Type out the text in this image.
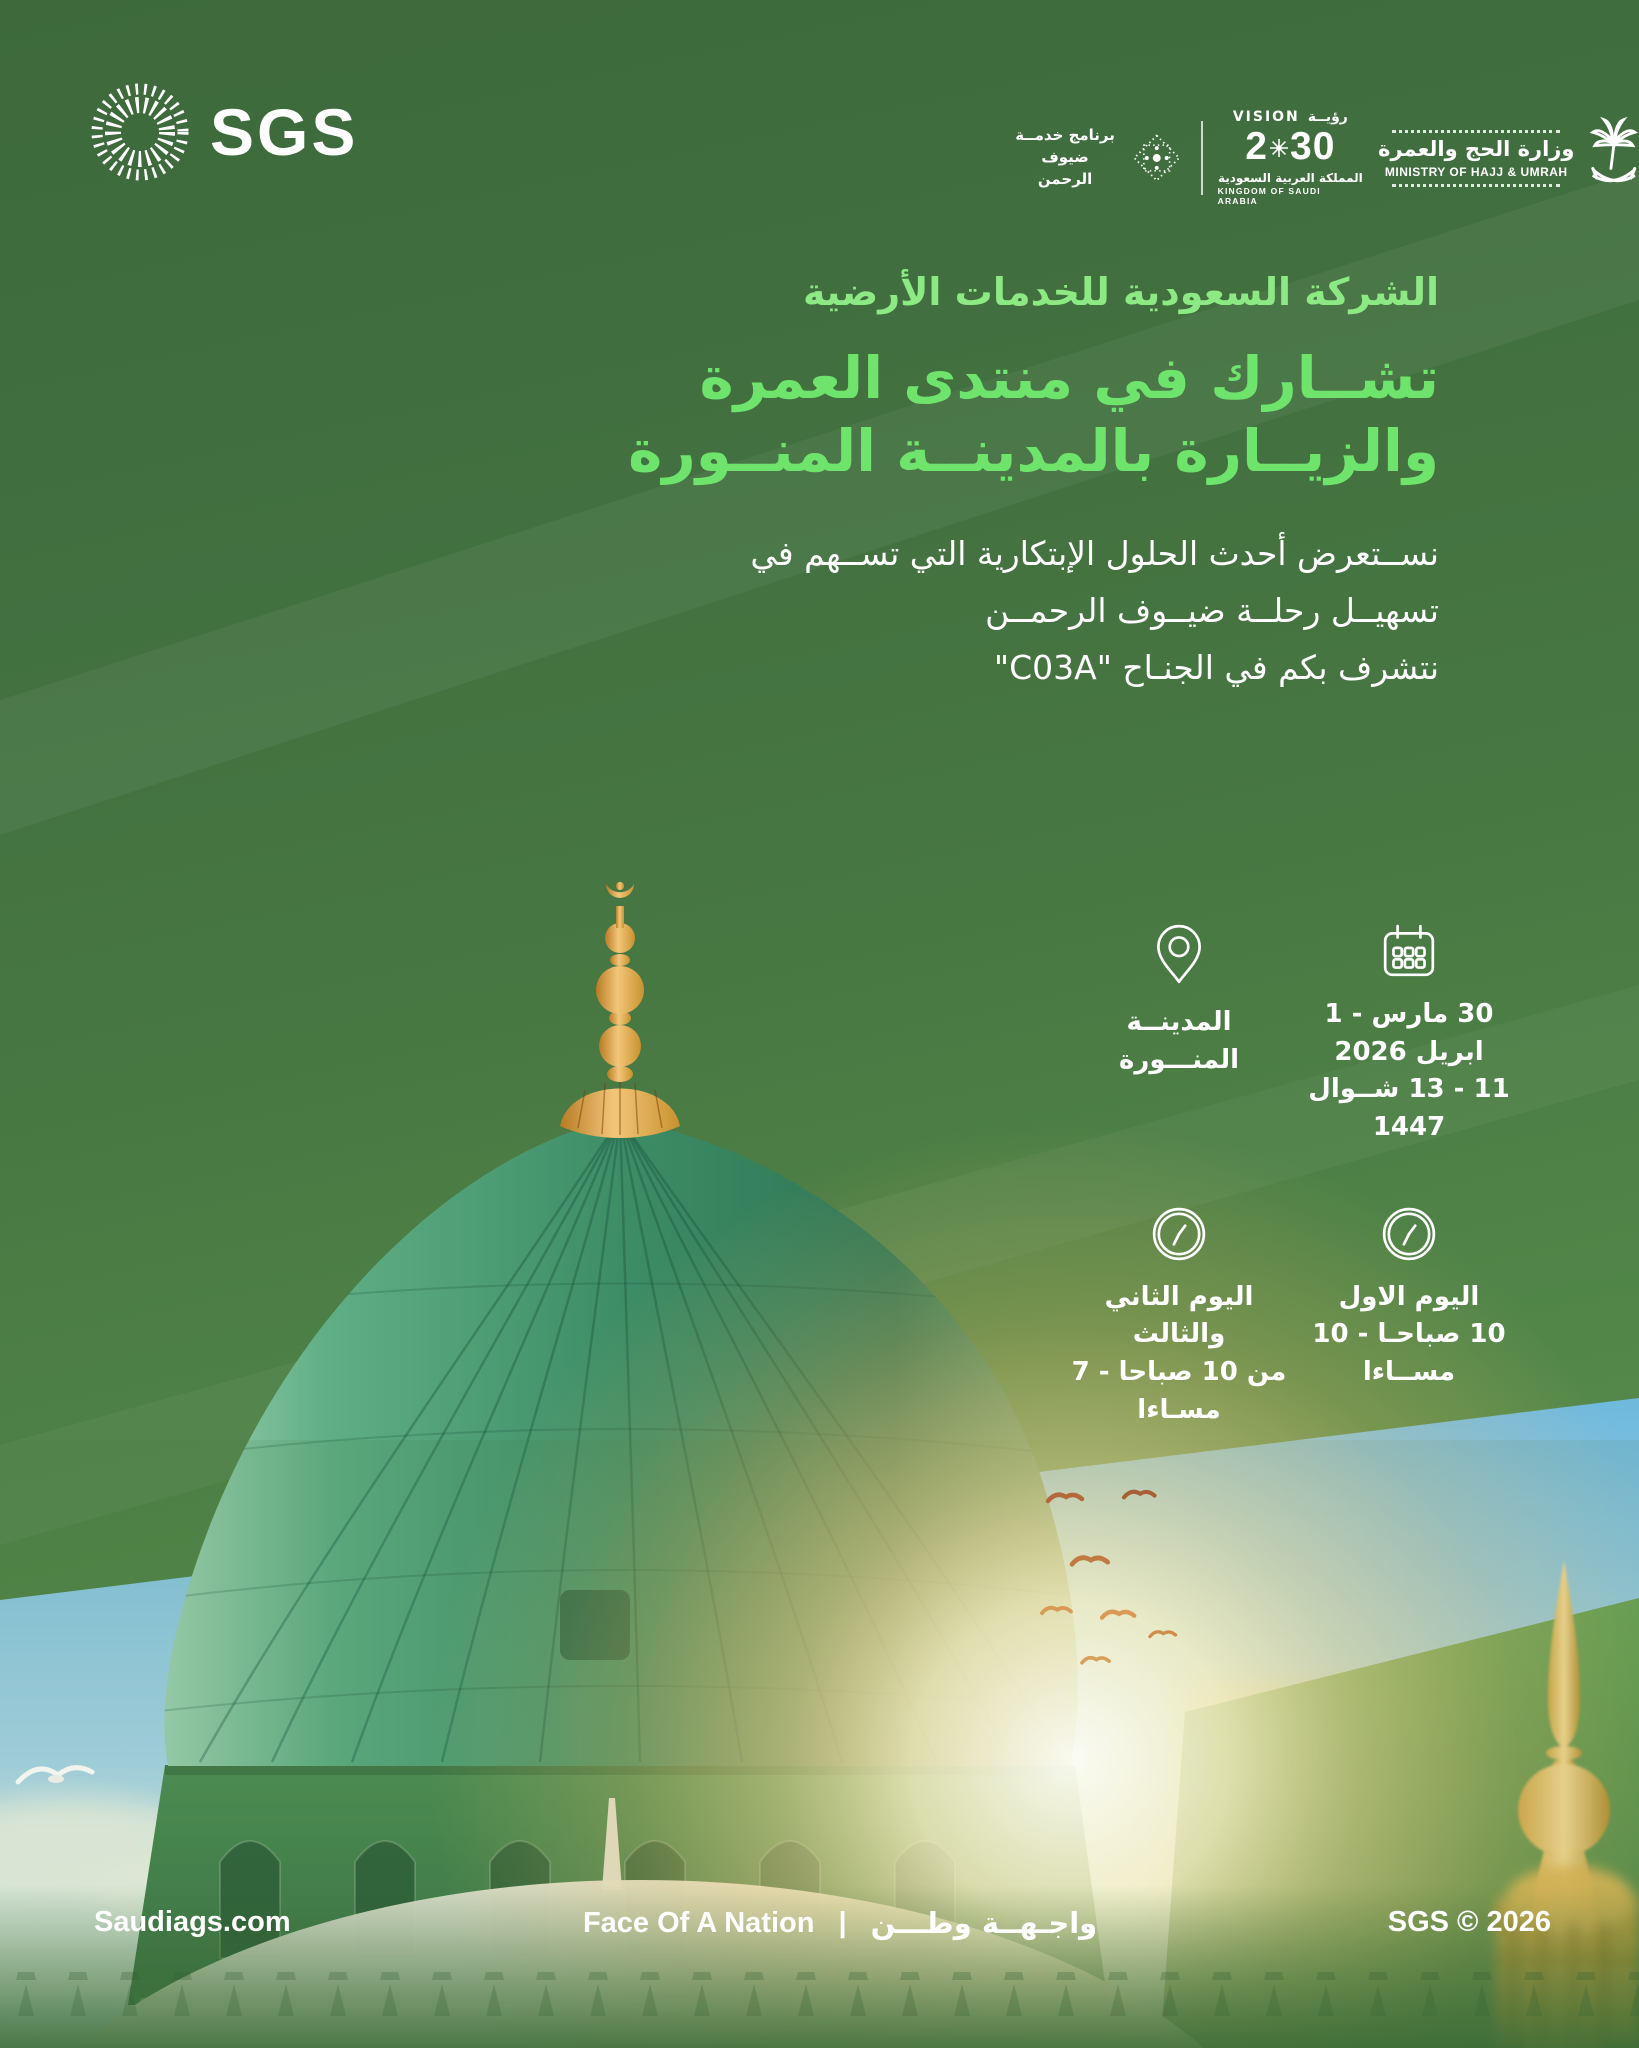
SGS	برنامج خدمــة
ضيوف الرحمن
رؤيــة
VISION
2 30
المملكة العربية السعودية
KINGDOM OF SAUDI ARABIA
وزارة الحج والعمرة
MINISTRY OF HAJJ & UMRAH
الشركة السعودية للخدمات الأرضية
تشــارك في منتدى العمرة
والزيــارة بالمدينــة المنــورة
نســتعرض أحدث الحلول الإبتكارية التي تســهم في
تسهيــل رحلــة ضيــوف الرحمــن
نتشرف بكم في الجنـاح "C03A"
30 مارس - 1 ابريل 2026
11 - 13 شــوال 1447
المدينــة المنـــورة
اليوم الاول
10 صباحـا - 10 مســاءا
اليوم الثاني والثالث
من 10 صباحا - 7 مسـاءا
Saudiags.com	Face Of A Nation | واجـهــة وطـــن	SGS © 2026
